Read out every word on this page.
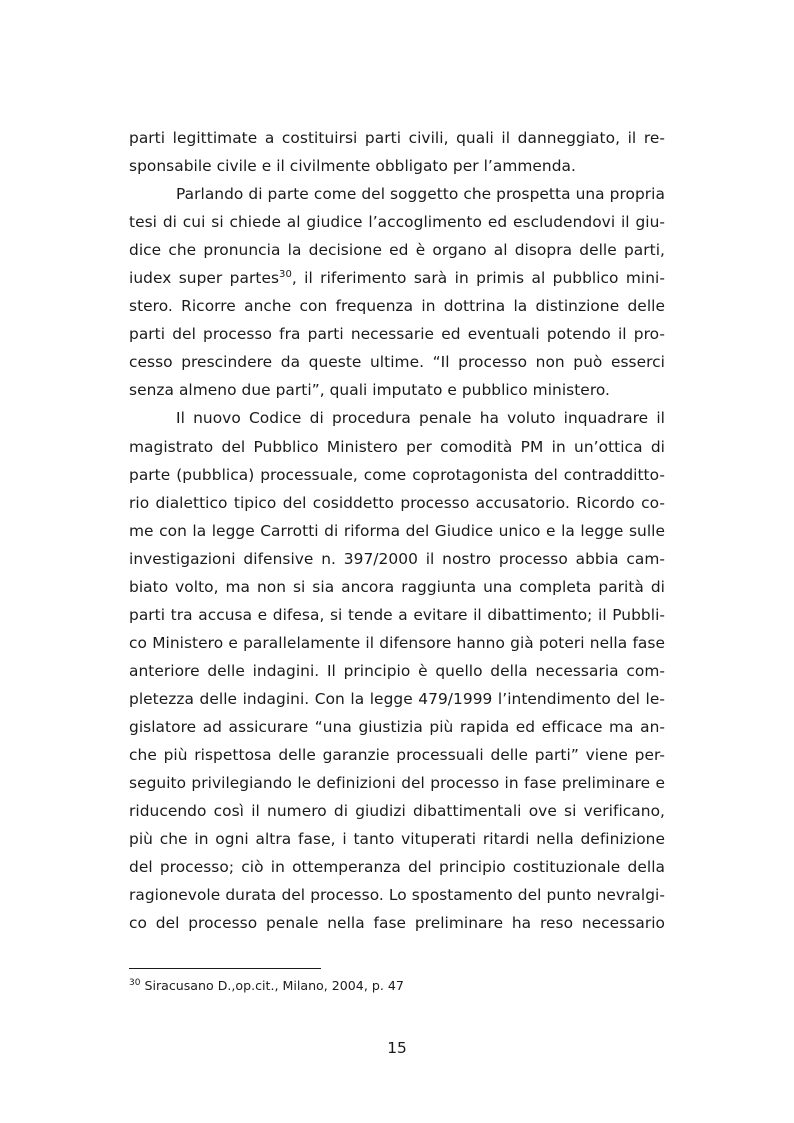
parti legittimate a costituirsi parti civili, quali il danneggiato, il re-
sponsabile civile e il civilmente obbligato per l’ammenda.
Parlando di parte come del soggetto che prospetta una propria
tesi di cui si chiede al giudice l’accoglimento ed escludendovi il giu-
dice che pronuncia la decisione ed è organo al disopra delle parti,
iudex super partes$^{30}$, il riferimento sarà in primis al pubblico mini-
stero. Ricorre anche con frequenza in dottrina la distinzione delle
parti del processo fra parti necessarie ed eventuali potendo il pro-
cesso prescindere da queste ultime. “Il processo non può esserci
senza almeno due parti”, quali imputato e pubblico ministero.
Il nuovo Codice di procedura penale ha voluto inquadrare il
magistrato del Pubblico Ministero per comodità PM in un’ottica di
parte (pubblica) processuale, come coprotagonista del contradditto-
rio dialettico tipico del cosiddetto processo accusatorio. Ricordo co-
me con la legge Carrotti di riforma del Giudice unico e la legge sulle
investigazioni difensive n. 397/2000 il nostro processo abbia cam-
biato volto, ma non si sia ancora raggiunta una completa parità di
parti tra accusa e difesa, si tende a evitare il dibattimento; il Pubbli-
co Ministero e parallelamente il difensore hanno già poteri nella fase
anteriore delle indagini. Il principio è quello della necessaria com-
pletezza delle indagini. Con la legge 479/1999 l’intendimento del le-
gislatore ad assicurare “una giustizia più rapida ed efficace ma an-
che più rispettosa delle garanzie processuali delle parti” viene per-
seguito privilegiando le definizioni del processo in fase preliminare e
riducendo così il numero di giudizi dibattimentali ove si verificano,
più che in ogni altra fase, i tanto vituperati ritardi nella definizione
del processo; ciò in ottemperanza del principio costituzionale della
ragionevole durata del processo. Lo spostamento del punto nevralgi-
co del processo penale nella fase preliminare ha reso necessario
$^{30}$ Siracusano D.,op.cit., Milano, 2004, p. 47
15
